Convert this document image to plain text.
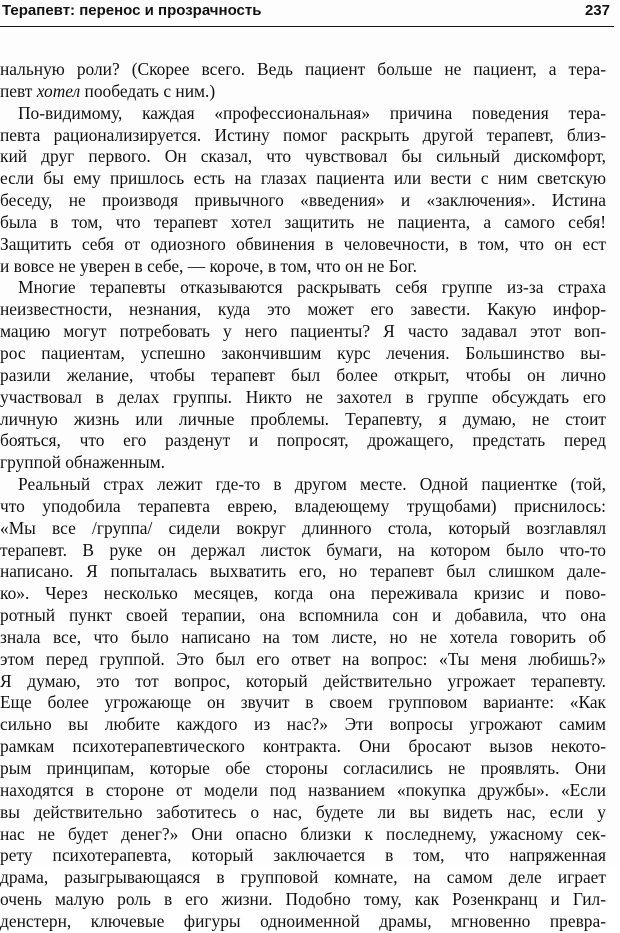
Терапевт: перенос и прозрачность	237
нальную роли? (Скорее всего. Ведь пациент больше не пациент, а тера-
певт хотел пообедать с ним.)
По-видимому, каждая «профессиональная» причина поведения тера-
певта рационализируется. Истину помог раскрыть другой терапевт, близ-
кий друг первого. Он сказал, что чувствовал бы сильный дискомфорт,
если бы ему пришлось есть на глазах пациента или вести с ним светскую
беседу, не производя привычного «введения» и «заключения». Истина
была в том, что терапевт хотел защитить не пациента, а самого себя!
Защитить себя от одиозного обвинения в человечности, в том, что он ест
и вовсе не уверен в себе, — короче, в том, что он не Бог.
Многие терапевты отказываются раскрывать себя группе из-за страха
неизвестности, незнания, куда это может его завести. Какую инфор-
мацию могут потребовать у него пациенты? Я часто задавал этот воп-
рос пациентам, успешно закончившим курс лечения. Большинство вы-
разили желание, чтобы терапевт был более открыт, чтобы он лично
участвовал в делах группы. Никто не захотел в группе обсуждать его
личную жизнь или личные проблемы. Терапевту, я думаю, не стоит
бояться, что его разденут и попросят, дрожащего, предстать перед
группой обнаженным.
Реальный страх лежит где-то в другом месте. Одной пациентке (той,
что уподобила терапевта еврею, владеющему трущобами) приснилось:
«Мы все /группа/ сидели вокруг длинного стола, который возглавлял
терапевт. В руке он держал листок бумаги, на котором было что-то
написано. Я попыталась выхватить его, но терапевт был слишком дале-
ко». Через несколько месяцев, когда она переживала кризис и пово-
ротный пункт своей терапии, она вспомнила сон и добавила, что она
знала все, что было написано на том листе, но не хотела говорить об
этом перед группой. Это был его ответ на вопрос: «Ты меня любишь?»
Я думаю, это тот вопрос, который действительно угрожает терапевту.
Еще более угрожающе он звучит в своем групповом варианте: «Как
сильно вы любите каждого из нас?» Эти вопросы угрожают самим
рамкам психотерапевтического контракта. Они бросают вызов некото-
рым принципам, которые обе стороны согласились не проявлять. Они
находятся в стороне от модели под названием «покупка дружбы». «Если
вы действительно заботитесь о нас, будете ли вы видеть нас, если у
нас не будет денег?» Они опасно близки к последнему, ужасному сек-
рету психотерапевта, который заключается в том, что напряженная
драма, разыгрывающаяся в групповой комнате, на самом деле играет
очень малую роль в его жизни. Подобно тому, как Розенкранц и Гил-
денстерн, ключевые фигуры одноименной драмы, мгновенно превра-
